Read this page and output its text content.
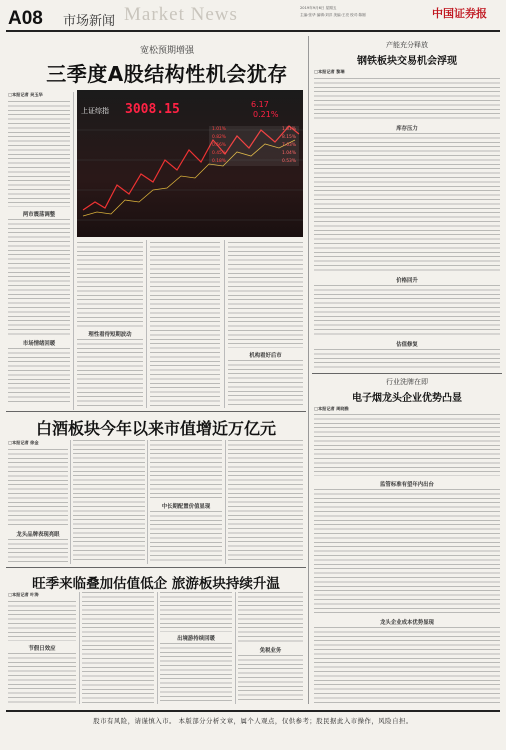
A08 市场新闻 Market News	2019年9月6日 星期五
主编:张华 编辑:刘洋 美编:王亮 校对:陈刚	中国证券报
宽松预期增强
三季度A股结构性机会犹存
□本报记者 吴玉华
两市震荡调整
市场情绪回暖
上证综指 3008.15	6.17
0.21%
1.01%	1.81%
0.82%	8.15%
0.56%	7.63%
0.45%	1.04%
0.18%	0.53%
理性看待短期波动
机构看好后市
产能充分释放
钢铁板块交易机会浮现
□本报记者 黎瑞
库存压力
价格回升
估值修复
行业洗牌在即
电子烟龙头企业优势凸显
□本报记者 周晓雅
监管标准有望年内出台
龙头企业成本优势显现
白酒板块今年以来市值增近万亿元
□本报记者 徐金
龙头品牌表现亮眼
中长期配置价值显现
旺季来临叠加估值低企 旅游板块持续升温
□本报记者 叶涛
节假日效应
出境游持续回暖
免税业务
股市有风险，请谨慎入市。 本版部分分析文章，属个人观点，仅供参考；股民据此入市操作，风险自担。
